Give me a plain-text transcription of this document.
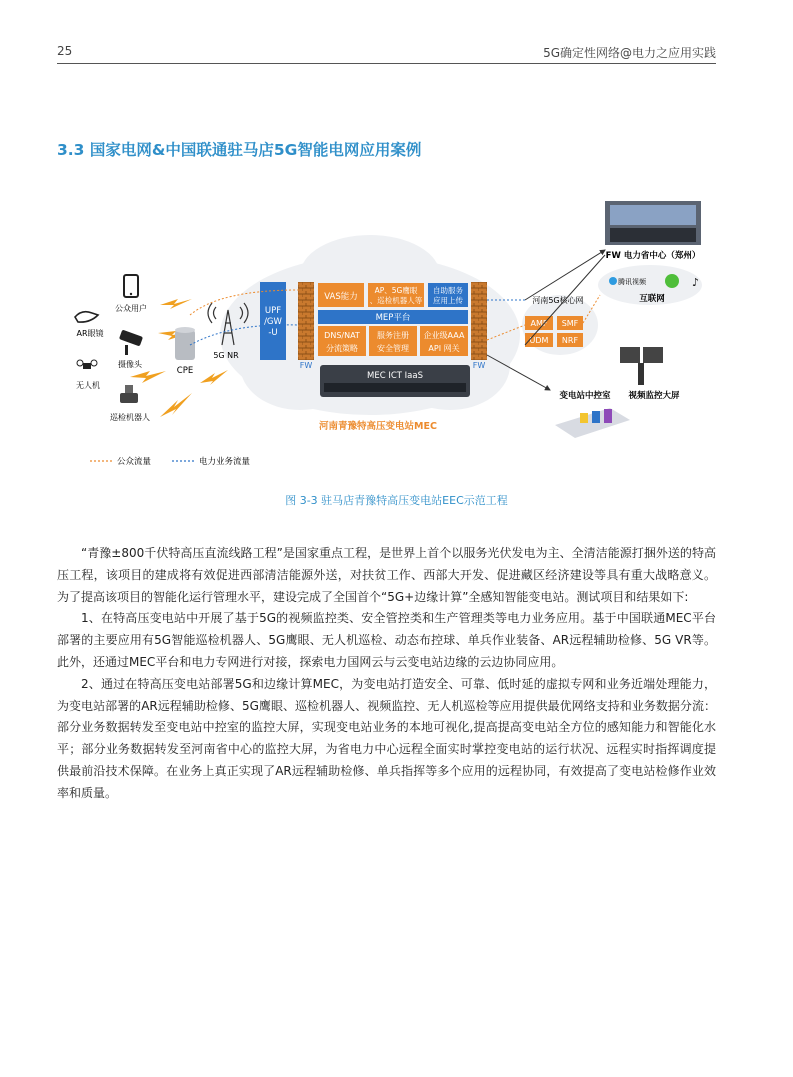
25	5G确定性网络@电力之应用实践
3.3 国家电网&中国联通驻马店5G智能电网应用案例
河南青豫特高压变电站MEC
公众用户
AR眼镜
摄像头
无人机
巡检机器人
CPE
5G NR
UPF
/GW
-U
FW	FW
VAS能力
AP、5G鹰眼
、巡检机器人等
自助服务
应用上传
MEP平台
DNS/NAT
分流策略
服务注册
安全管理
企业级AAA
API 网关
MEC ICT IaaS
河南5G核心网
AMF SMF
UDM NRF
FW 电力省中心（郑州）
腾讯视频	♪
互联网
变电站中控室 视频监控大屏
公众流量	电力业务流量
图 3-3 驻马店青豫特高压变电站EEC示范工程

“青豫±800千伏特高压直流线路工程”是国家重点工程，是世界上首个以服务光伏发电为主、全清洁能源打捆外送的特高压工程，该项目的建成将有效促进西部清洁能源外送，对扶贫工作、西部大开发、促进藏区经济建设等具有重大战略意义。为了提高该项目的智能化运行管理水平，建设完成了全国首个“5G+边缘计算”全感知智能变电站。测试项目和结果如下:

1、在特高压变电站中开展了基于5G的视频监控类、安全管控类和生产管理类等电力业务应用。基于中国联通MEC平台部署的主要应用有5G智能巡检机器人、5G鹰眼、无人机巡检、动态布控球、单兵作业装备、AR远程辅助检修、5G VR等。此外，还通过MEC平台和电力专网进行对接，探索电力国网云与云变电站边缘的云边协同应用。

2、通过在特高压变电站部署5G和边缘计算MEC，为变电站打造安全、可靠、低时延的虚拟专网和业务近端处理能力，为变电站部署的AR远程辅助检修、5G鹰眼、巡检机器人、视频监控、无人机巡检等应用提供最优网络支持和业务数据分流：部分业务数据转发至变电站中控室的监控大屏，实现变电站业务的本地可视化,提高提高变电站全方位的感知能力和智能化水平；部分业务数据转发至河南省中心的监控大屏，为省电力中心远程全面实时掌控变电站的运行状况、远程实时指挥调度提供最前沿技术保障。在业务上真正实现了AR远程辅助检修、单兵指挥等多个应用的远程协同，有效提高了变电站检修作业效率和质量。
